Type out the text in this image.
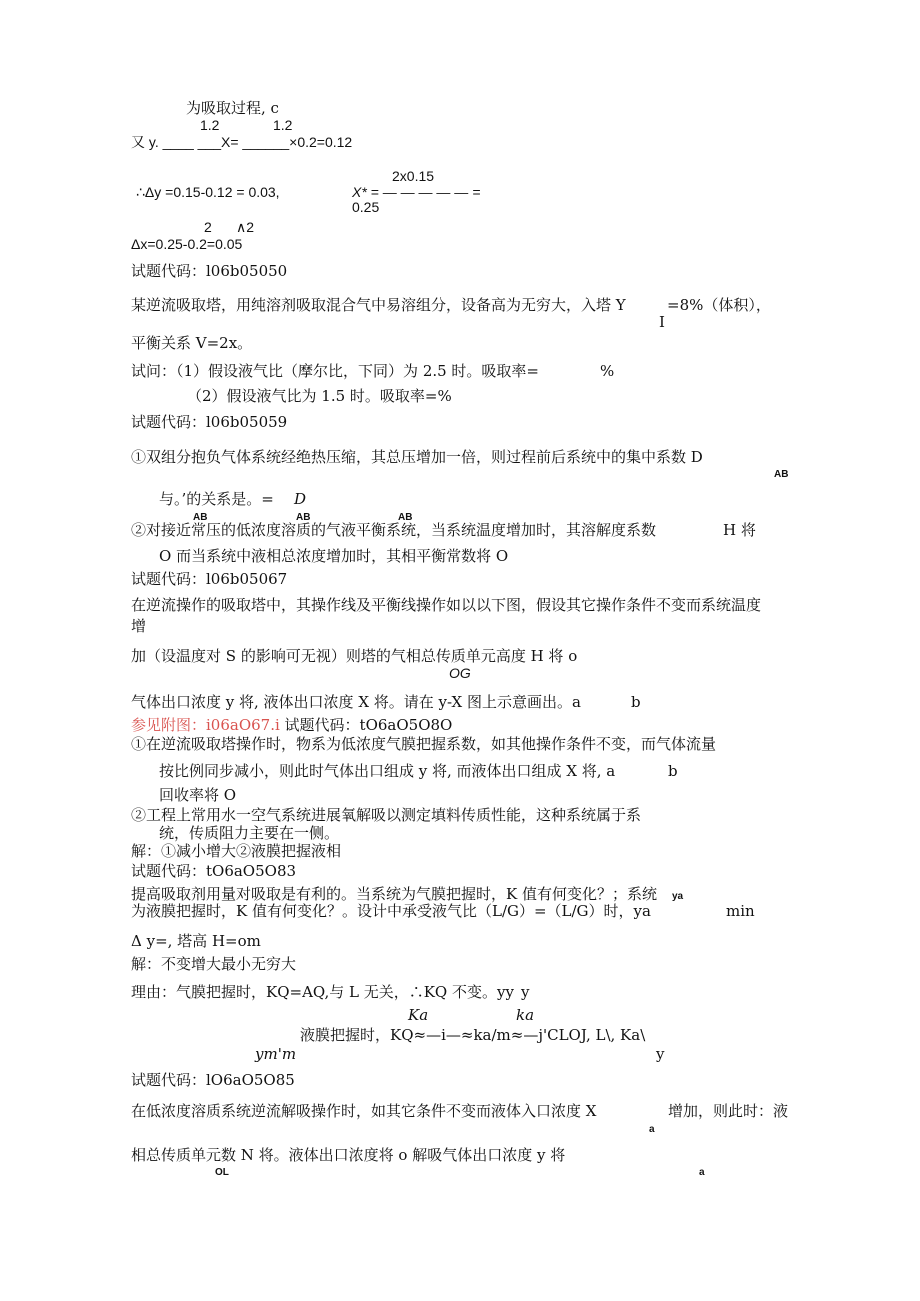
为吸取过程, c
1.2	1.2
又 y. ____ ___X= ______×0.2=0.12
∴Δy =0.15-0.12 = 0.03,
2x0.15
X* = — — — — — =
0.25
2 ∧2
Δx=0.25-0.2=0.05
试题代码：l06b05050
某逆流吸取塔，用纯溶剂吸取混合气中易溶组分，设备高为无穷大，入塔 Y	=8%（体积），
I
平衡关系 V=2x。
试问：（1）假设液气比（摩尔比，下同）为 2.5 时。吸取率=	%
（2）假设液气比为 1.5 时。吸取率=%
试题代码：l06b05059
①双组分抱负气体系统经绝热压缩，其总压增加一倍，则过程前后系统中的集中系数 D
AB
与。’的关系是。= D
AB	AB	AB
②对接近常压的低浓度溶质的气液平衡系统，当系统温度增加时，其溶解度系数	H 将
O 而当系统中液相总浓度增加时，其相平衡常数将 O
试题代码：l06b05067
在逆流操作的吸取塔中，其操作线及平衡线操作如以以下图，假设其它操作条件不变而系统温度
增
加（设温度对 S 的影响可无视）则塔的气相总传质单元高度 H 将 o
OG
气体出口浓度 y 将, 液体出口浓度 X 将。请在 y-X 图上示意画出。a	b
参见附图：i06aO67.i 试题代码：tO6aO5O8O
①在逆流吸取塔操作时，物系为低浓度气膜把握系数，如其他操作条件不变，而气体流量
按比例同步减小，则此时气体出口组成 y 将, 而液体出口组成 X 将, a	b
回收率将 O
②工程上常用水一空气系统进展氧解吸以测定填料传质性能，这种系统属于系
统，传质阻力主要在一侧。
解：①减小增大②液膜把握液相
试题代码：tO6aO5O83
提高吸取剂用量对吸取是有利的。当系统为气膜把握时，K 值有何变化？；系统 ya
为液膜把握时，K 值有何变化？。设计中承受液气比（L/G）=（L/G）时，ya	min
Δ y=, 塔高 H=om
解：不变增大最小无穷大
理由：气膜把握时，KQ=AQ,与 L 无关，∴KQ 不变。yy y
Ka	ka
液膜把握时，KQ≈—i—≈ka/m≈—j'CLOJ, L\, Ka\
ym'm	y
试题代码：lO6aO5O85
在低浓度溶质系统逆流解吸操作时，如其它条件不变而液体入口浓度 X	增加，则此时：液
a
相总传质单元数 N 将。液体出口浓度将 o 解吸气体出口浓度 y 将
OL	a
